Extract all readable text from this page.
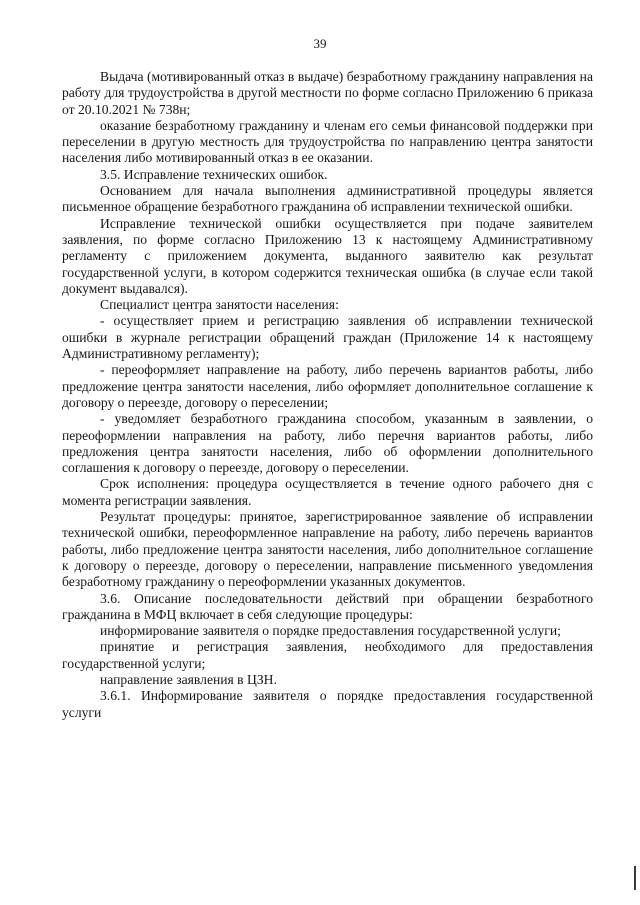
39

Выдача (мотивированный отказ в выдаче) безработному гражданину направления на работу для трудоустройства в другой местности по форме согласно Приложению 6 приказа от 20.10.2021 № 738н;

оказание безработному гражданину и членам его семьи финансовой поддержки при переселении в другую местность для трудоустройства по направлению центра занятости населения либо мотивированный отказ в ее оказании.

3.5. Исправление технических ошибок.

Основанием для начала выполнения административной процедуры является письменное обращение безработного гражданина об исправлении технической ошибки.

Исправление технической ошибки осуществляется при подаче заявителем заявления, по форме согласно Приложению 13 к настоящему Административному регламенту с приложением документа, выданного заявителю как результат государственной услуги, в котором содержится техническая ошибка (в случае если такой документ выдавался).

Специалист центра занятости населения:

- осуществляет прием и регистрацию заявления об исправлении технической ошибки в журнале регистрации обращений граждан (Приложение 14 к настоящему Административному регламенту);

- переоформляет направление на работу, либо перечень вариантов работы, либо предложение центра занятости населения, либо оформляет дополнительное соглашение к договору о переезде, договору о переселении;

- уведомляет безработного гражданина способом, указанным в заявлении, о переоформлении направления на работу, либо перечня вариантов работы, либо предложения центра занятости населения, либо об оформлении дополнительного соглашения к договору о переезде, договору о переселении.

Срок исполнения: процедура осуществляется в течение одного рабочего дня с момента регистрации заявления.

Результат процедуры: принятое, зарегистрированное заявление об исправлении технической ошибки, переоформленное направление на работу, либо перечень вариантов работы, либо предложение центра занятости населения, либо дополнительное соглашение к договору о переезде, договору о переселении, направление письменного уведомления безработному гражданину о переоформлении указанных документов.

3.6. Описание последовательности действий при обращении безработного гражданина в МФЦ включает в себя следующие процедуры:

информирование заявителя о порядке предоставления государственной услуги;

принятие и регистрация заявления, необходимого для предоставления государственной услуги;

направление заявления в ЦЗН.

3.6.1. Информирование заявителя о порядке предоставления государственной услуги
